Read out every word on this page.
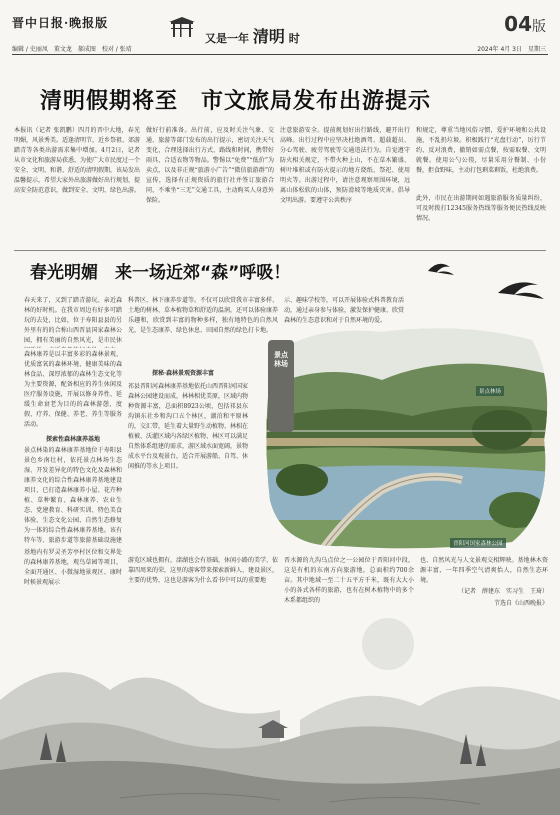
晋中日报·晚报版
编辑 / 史丽凤　董文龙　郝成图　校对 / 张靖
又是一年 清明 时
04版
2024年 4月 3日　星期三
清明假期将至　市文旅局发布出游提示
本报讯（记者 张凯鹏）四月的晋中大地，春光明媚，风景秀美。适逢清明节，近乡祭祖、郊游踏青等各类出游需求集中增加。4月2日，记者从市文化和旅游局获悉，为使广大市民度过一个安全、文明、和谐、舒适的清明假期，该局发出温馨提示，希望大家外出旅游做好出行规划，提高安全防范意识，做到安全、文明、绿色出游。
做好行前准备。出行前，应及时关注气象、交通、旅游等部门发布的出行提示，密切关注天气变化，合理选择出行方式、路线和时间，携带好雨具、合适衣物等物品。警惕以“免费”“低价”为卖点，以及非正规“旅游小广告”“微信旅游群”的宣传，选择有正规资质的旅行社并签订旅游合同，不乘坐“三无”交通工具，主动购买人身意外保险。
注意旅游安全。提前规划好出行路线，避开出行高峰。出行过程中应坚决杜绝酒驾、超载超员、分心驾驶、疲劳驾驶等交通违法行为。自觉遵守防火相关规定，不带火种上山，不在草木繁盛、树叶堆积或有防火提示的地方烧纸、祭祀、使用明火等。出游过程中，请注意观察周围环境，远离山体松软的山体，预防滑坡等地质灾害。倡导文明出游。要遵守公共秩序
和规定，尊重当地风俗习惯，爱护环境和公共设施，不乱扔垃圾。积极践行“光盘行动”，厉行节约、反对浪费，撤销如需点餐，按需取餐、文明就餐。使用公勺公筷，尽量采用分餐制、小份餐，拒食野味，主动打包剩菜剩饭，杜绝浪费。
此外，市民在出游期间如遇旅游服务质量纠纷，可及时拨打12345服务热线等服务便民热线反映情况。
春光明媚　来一场近郊“森”呼吸！
春天来了，又到了踏青游玩、亲近森林的好时机。在我市周边有好多可踏玩的去处，比如，位于寿阳县县的另外里有的的合称山西晋县国家森林公园，拥有美丽的自然风光，是市民休
森林康养是以丰富多彩的森林景观、优质富氧的森林环境、健康美味的森林食品、深厚浓郁的森林生态文化等为主要资源，配备相应的养生休闲及医疗服务设施，开展以修身养性、延缓生命衰老为目的的森林游憩、度假、疗养、保健、养老、养生等服务活动。
探索性森林康养基地
景点林染的森林康养基地位于寿阳县景色乡南壮村，依托景点林场生态湿、开发差异化的特色文化及森林和康养文化的综合性森林康养基地建设项目，已打造森林康养小屋、花卉种植、草种繁育、森林康养、农业生态、党建教育、科研实训、特色美食体验、生态文化公园、自然生态修复为一体的综合性森林康养基地。该有特车等、旅游步道等旅游基础设施建
基地内有罗灵圣芳亭村区位和交界处的森林康养基地，观鸟草园等项目，全面开通区、小微湿地景观区、康时时候景观展示
科普区、林下康养步道等。不仅可以欣赏我市丰富多样、土地的树林、草本植物草和舒适的温润，还可以体验康养乐趣和，欣赏到丰富的物种多样，独有地特色的自然风光，是生态康养、绿色休息、田园自然的绿色打卡地。
探秘·森林景观资源丰富
祁县晋阳河森林康养基地依托山西晋阳河国家森林公园建设而成，林林相优美原，区域内物种资源丰富，总面积8923公顷，包括祁县东沟镇东社乡和沟口五个林区，湖泊和平原林的，交汇带，延生着大量野生动植物、林相在植被、沃灌区域内各绿区植物、林区可以满足自然体系组建的需求，游区域水面宽阔，景物成水平台及观景台，适合开展游船、自驾、休闲推的等水上项目。
游览区域也拥有，滦湖也会有基础，休闲小路的美学、依靠四周来的荣，这里的游客带来探索新鲜人、建设景区，主要的优势，这也是游客为什么看书中可以的重要地
示、趣味学校等，可以开展体验式科普教育活动，通过亲身参与体验，激发保护健康、欣赏森林的生态意识和对于自然环境的爱。
景点林场
景点林场
晋阳河国家森林公园
晋水源的九沟乌点位之一公园位于晋阳河中段，这是有机的东南方向旅游地，总面积约700余亩。其中地域一至二十五平方千米，既有大大小小的各式各样的旅游，也有在树木植物中的多个木系都组织的
也、自然风光与人文景观交相辉映。基地林木资源丰富，一年四季空气清爽怡人，自然生态环境。
（记者　薛建东　实习生　王琦）
节选自《山西晚报》
